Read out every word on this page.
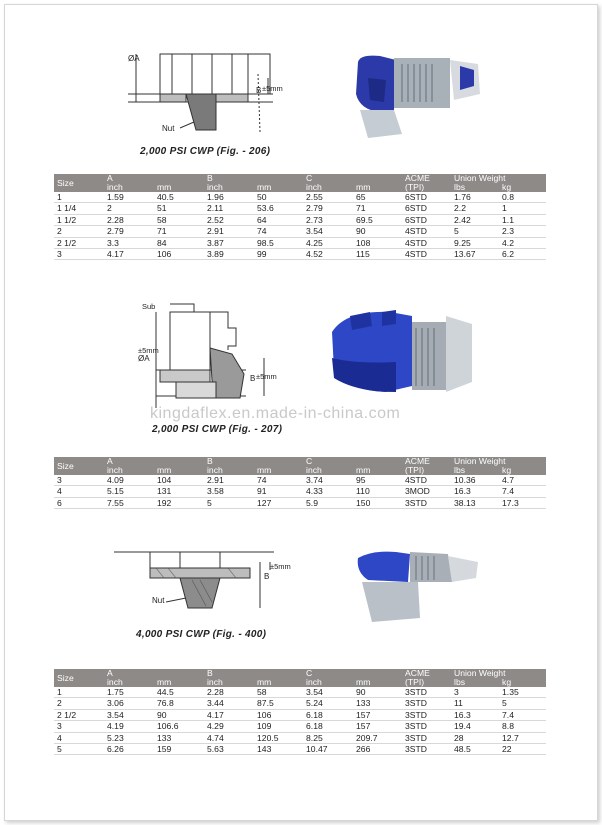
ØA
B ±5mm
Nut
2,000 PSI CWP (Fig. - 206)
Size	A		B		C		ACME	Union Weight	
	inch	mm	inch	mm	inch	mm	(TPI)	lbs	kg
1	1.59	40.5	1.96	50	2.55	65	6STD	1.76	0.8
1 1/4	2	51	2.11	53.6	2.79	71	6STD	2.2	1
1 1/2	2.28	58	2.52	64	2.73	69.5	6STD	2.42	1.1
2	2.79	71	2.91	74	3.54	90	4STD	5	2.3
2 1/2	3.3	84	3.87	98.5	4.25	108	4STD	9.25	4.2
3	4.17	106	3.89	99	4.52	115	4STD	13.67	6.2
Sub
ØA
±5mm
B ±5mm
kingdaflex.en.made-in-china.com
2,000 PSI CWP (Fig. - 207)
Size	A		B		C		ACME	Union Weight	
	inch	mm	inch	mm	inch	mm	(TPI)	lbs	kg
3	4.09	104	2.91	74	3.74	95	4STD	10.36	4.7
4	5.15	131	3.58	91	4.33	110	3MOD	16.3	7.4
6	7.55	192	5	127	5.9	150	3STD	38.13	17.3
B
±5mm
Nut
4,000 PSI CWP (Fig. - 400)
Size	A		B		C		ACME	Union Weight	
	inch	mm	inch	mm	inch	mm	(TPI)	lbs	kg
1	1.75	44.5	2.28	58	3.54	90	3STD	3	1.35
2	3.06	76.8	3.44	87.5	5.24	133	3STD	11	5
2 1/2	3.54	90	4.17	106	6.18	157	3STD	16.3	7.4
3	4.19	106.6	4.29	109	6.18	157	3STD	19.4	8.8
4	5.23	133	4.74	120.5	8.25	209.7	3STD	28	12.7
5	6.26	159	5.63	143	10.47	266	3STD	48.5	22
